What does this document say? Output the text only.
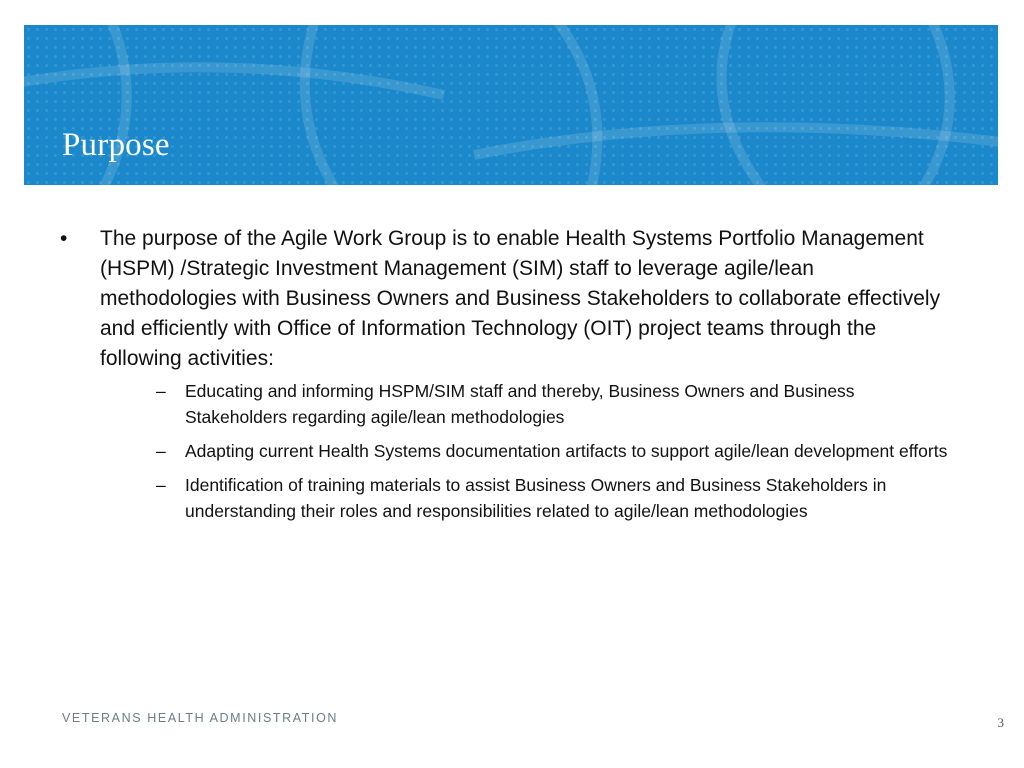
Purpose
•	The purpose of the Agile Work Group is to enable Health Systems Portfolio Management (HSPM) /Strategic Investment Management (SIM) staff to leverage agile/lean methodologies with Business Owners and Business Stakeholders to collaborate effectively and efficiently with Office of Information Technology (OIT) project teams through the following activities:
–	Educating and informing HSPM/SIM staff and thereby, Business Owners and Business Stakeholders regarding agile/lean methodologies
–	Adapting current Health Systems documentation artifacts to support agile/lean development efforts
–	Identification of training materials to assist Business Owners and Business Stakeholders in understanding their roles and responsibilities related to agile/lean methodologies
VETERANS HEALTH ADMINISTRATION	3
